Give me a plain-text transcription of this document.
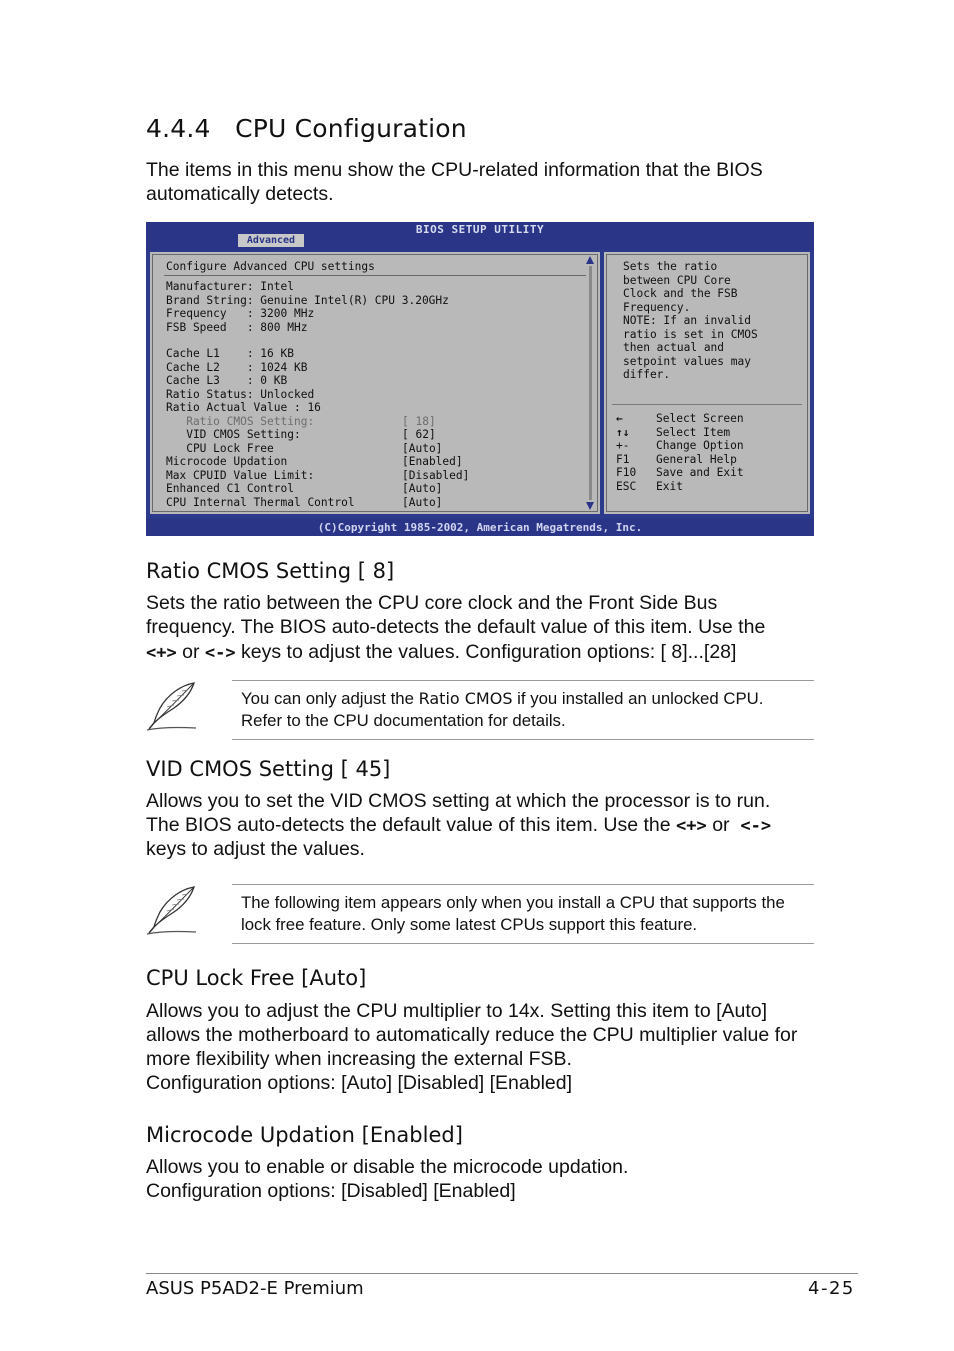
4.4.4 CPU Configuration

The items in this menu show the CPU-related information that the BIOS

automatically detects.

BIOS SETUP UTILITY
Advanced
Configure Advanced CPU settings
Manufacturer: Intel
Brand String: Genuine Intel(R) CPU 3.20GHz
Frequency   : 3200 MHz
FSB Speed   : 800 MHz
Cache L1    : 16 KB
Cache L2    : 1024 KB
Cache L3    : 0 KB
Ratio Status: Unlocked
Ratio Actual Value : 16
Ratio CMOS Setting:	[ 18]
VID CMOS Setting:	[ 62]
CPU Lock Free	[Auto]
Microcode Updation	[Enabled]
Max CPUID Value Limit:	[Disabled]
Enhanced C1 Control	[Auto]
CPU Internal Thermal Control	[Auto]
Sets the ratio
between CPU Core
Clock and the FSB
Frequency.
NOTE: If an invalid
ratio is set in CMOS
then actual and
setpoint values may
differ.
←	Select Screen
↑↓ Select Item
+- Change Option
F1 General Help
F10 Save and Exit
ESC Exit
(C)Copyright 1985-2002, American Megatrends, Inc.
Ratio CMOS Setting [ 8]

Sets the ratio between the CPU core clock and the Front Side Bus

frequency. The BIOS auto-detects the default value of this item. Use the

<+> or <-> keys to adjust the values. Configuration options: [ 8]...[28]

You can only adjust the Ratio CMOS if you installed an unlocked CPU.
Refer to the CPU documentation for details.
VID CMOS Setting [ 45]

Allows you to set the VID CMOS setting at which the processor is to run.

The BIOS auto-detects the default value of this item. Use the <+> or <->

keys to adjust the values.

The following item appears only when you install a CPU that supports the
lock free feature. Only some latest CPUs support this feature.
CPU Lock Free [Auto]

Allows you to adjust the CPU multiplier to 14x. Setting this item to [Auto]

allows the motherboard to automatically reduce the CPU multiplier value for

more flexibility when increasing the external FSB.

Configuration options: [Auto] [Disabled] [Enabled]

Microcode Updation [Enabled]

Allows you to enable or disable the microcode updation.

Configuration options: [Disabled] [Enabled]

ASUS P5AD2-E Premium	4-25
